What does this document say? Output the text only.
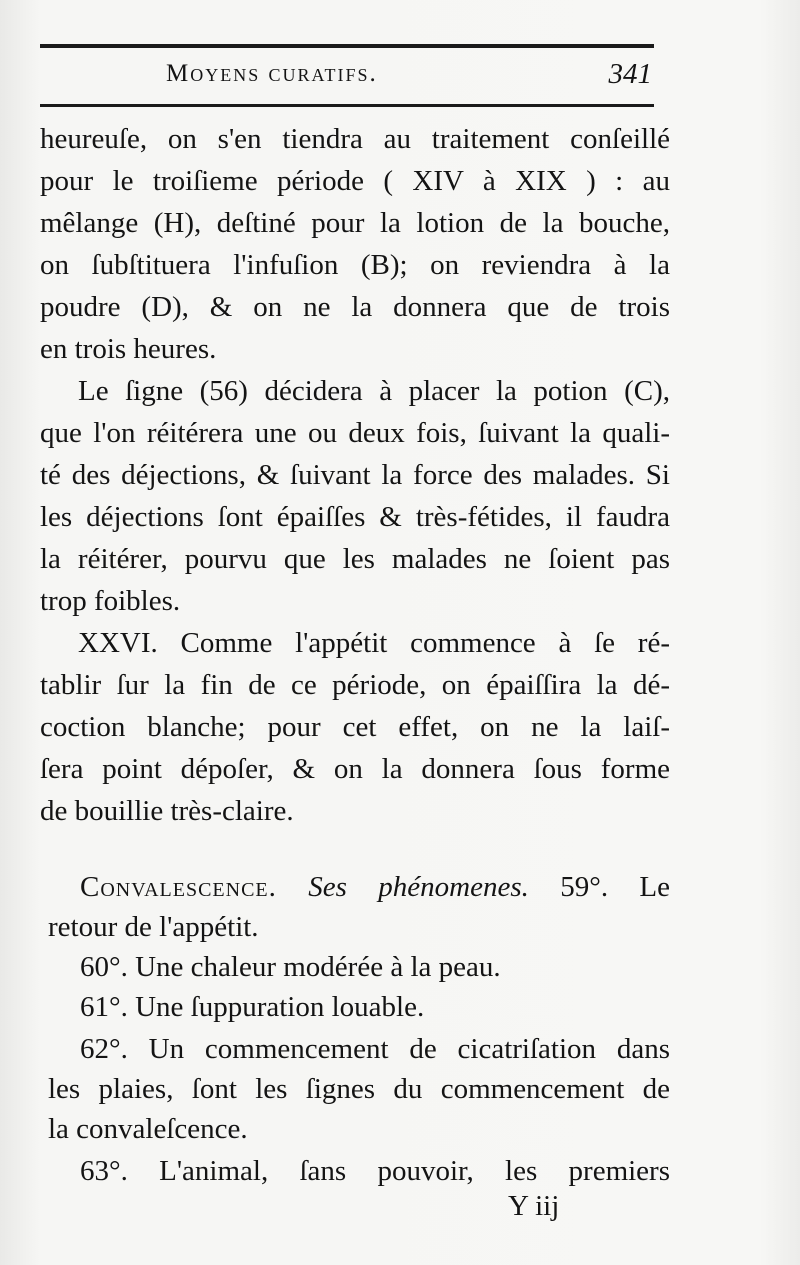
Moyens curatifs.	341
heureuſe, on s'en tiendra au traitement conſeillé
pour le troiſieme période ( XIV à XIX ) : au
mêlange (H), deſtiné pour la lotion de la bouche,
on ſubſtituera l'infuſion (B); on reviendra à la
poudre (D), & on ne la donnera que de trois
en trois heures.
Le ſigne (56) décidera à placer la potion (C),
que l'on réitérera une ou deux fois, ſuivant la quali-
té des déjections, & ſuivant la force des malades. Si
les déjections ſont épaiſſes & très-fétides, il faudra
la réitérer, pourvu que les malades ne ſoient pas
trop foibles.
XXVI. Comme l'appétit commence à ſe ré-
tablir ſur la fin de ce période, on épaiſſira la dé-
coction blanche; pour cet effet, on ne la laiſ-
ſera point dépoſer, & on la donnera ſous forme
de bouillie très-claire.
Convalescence. Ses phénomenes. 59°. Le
retour de l'appétit.
60°. Une chaleur modérée à la peau.
61°. Une ſuppuration louable.
62°. Un commencement de cicatriſation dans
les plaies, ſont les ſignes du commencement de
la convaleſcence.
63°. L'animal, ſans pouvoir, les premiers
Y iij
